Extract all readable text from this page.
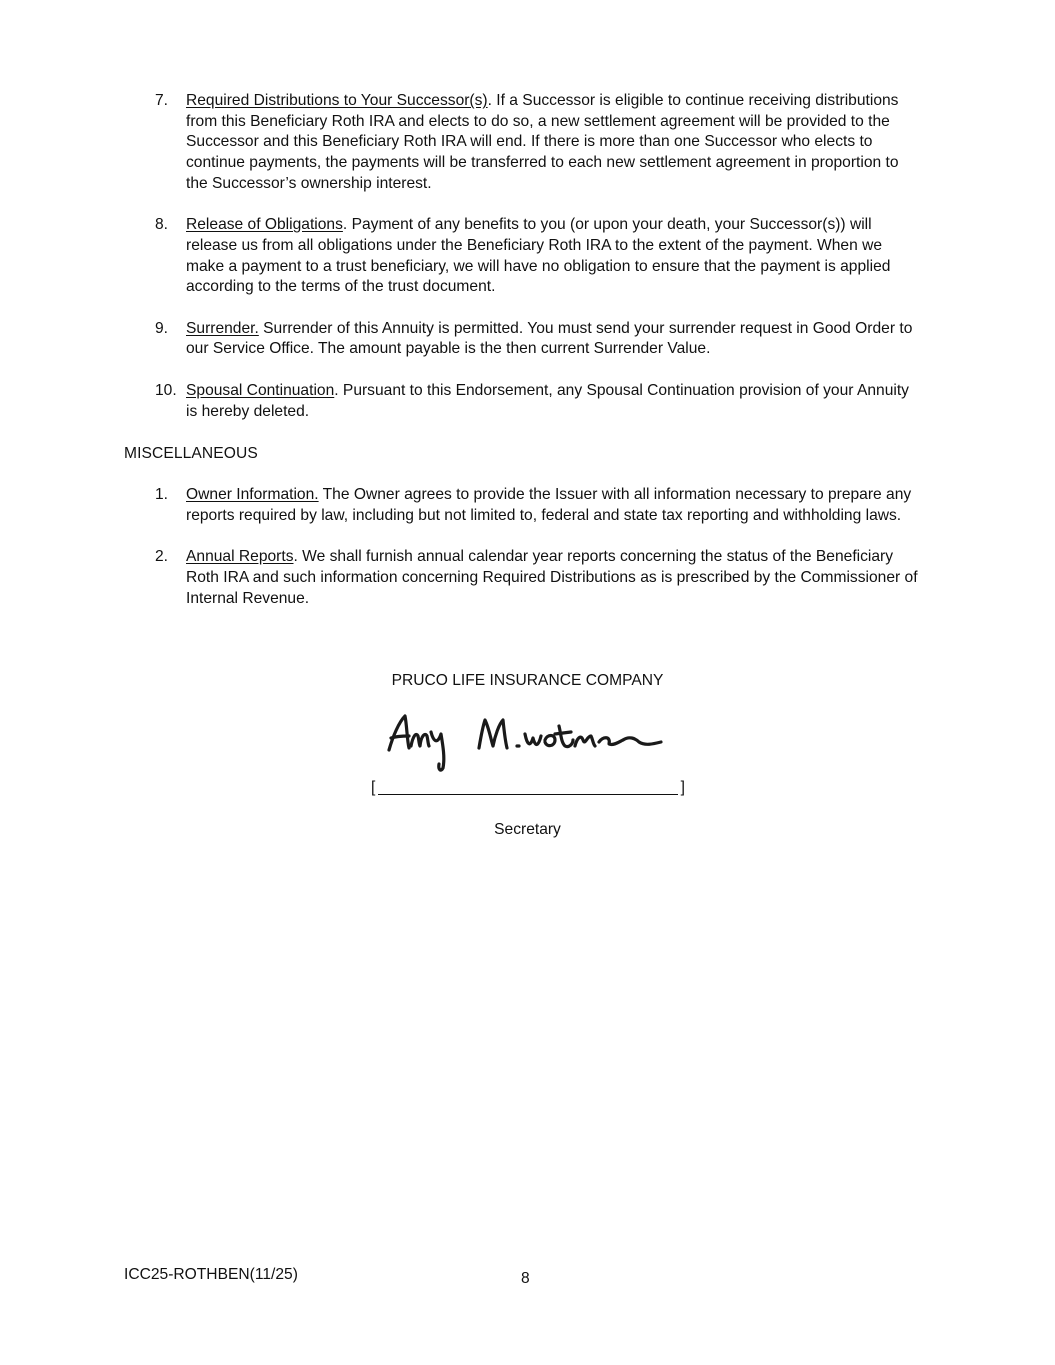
7.	Required Distributions to Your Successor(s). If a Successor is eligible to continue receiving distributions from this Beneficiary Roth IRA and elects to do so, a new settlement agreement will be provided to the Successor and this Beneficiary Roth IRA will end. If there is more than one Successor who elects to continue payments, the payments will be transferred to each new settlement agreement in proportion to the Successor’s ownership interest.
8.	Release of Obligations. Payment of any benefits to you (or upon your death, your Successor(s)) will release us from all obligations under the Beneficiary Roth IRA to the extent of the payment. When we make a payment to a trust beneficiary, we will have no obligation to ensure that the payment is applied according to the terms of the trust document.
9.	Surrender. Surrender of this Annuity is permitted. You must send your surrender request in Good Order to our Service Office. The amount payable is the then current Surrender Value.
10. Spousal Continuation. Pursuant to this Endorsement, any Spousal Continuation provision of your Annuity is hereby deleted.
MISCELLANEOUS
1.	Owner Information. The Owner agrees to provide the Issuer with all information necessary to prepare any reports required by law, including but not limited to, federal and state tax reporting and withholding laws.
2.	Annual Reports. We shall furnish annual calendar year reports concerning the status of the Beneficiary Roth IRA and such information concerning Required Distributions as is prescribed by the Commissioner of Internal Revenue.
PRUCO LIFE INSURANCE COMPANY
[	]
Secretary
ICC25-ROTHBEN(11/25)	8
